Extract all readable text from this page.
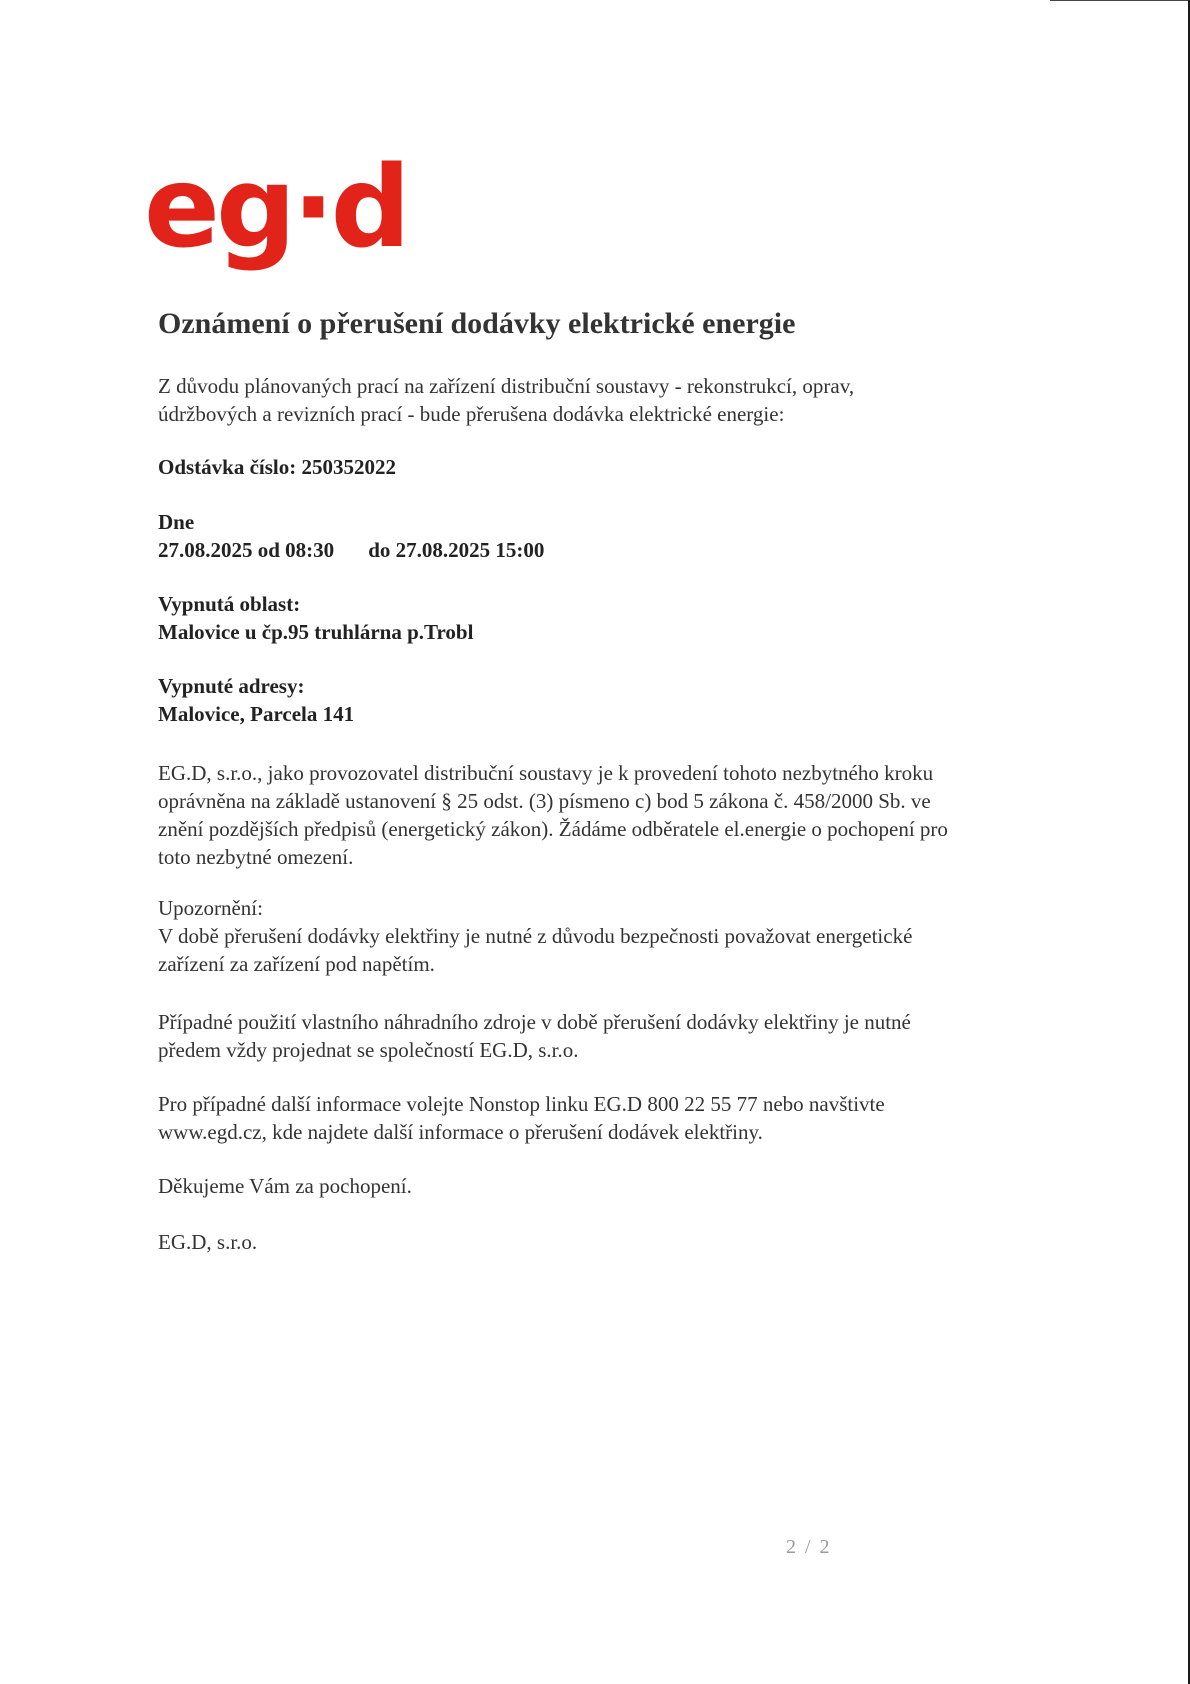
eg·d
Oznámení o přerušení dodávky elektrické energie
Z důvodu plánovaných prací na zařízení distribuční soustavy - rekonstrukcí, oprav,
údržbových a revizních prací - bude přerušena dodávka elektrické energie:
Odstávka číslo: 250352022
Dne
27.08.2025 od 08:30 do 27.08.2025 15:00
Vypnutá oblast:
Malovice u čp.95 truhlárna p.Trobl
Vypnuté adresy:
Malovice, Parcela 141
EG.D, s.r.o., jako provozovatel distribuční soustavy je k provedení tohoto nezbytného kroku
oprávněna na základě ustanovení § 25 odst. (3) písmeno c) bod 5 zákona č. 458/2000 Sb. ve
znění pozdějších předpisů (energetický zákon). Žádáme odběratele el.energie o pochopení pro
toto nezbytné omezení.
Upozornění:
V době přerušení dodávky elektřiny je nutné z důvodu bezpečnosti považovat energetické
zařízení za zařízení pod napětím.
Případné použití vlastního náhradního zdroje v době přerušení dodávky elektřiny je nutné
předem vždy projednat se společností EG.D, s.r.o.
Pro případné další informace volejte Nonstop linku EG.D 800 22 55 77 nebo navštivte
www.egd.cz, kde najdete další informace o přerušení dodávek elektřiny.
Děkujeme Vám za pochopení.
EG.D, s.r.o.
2 / 2
